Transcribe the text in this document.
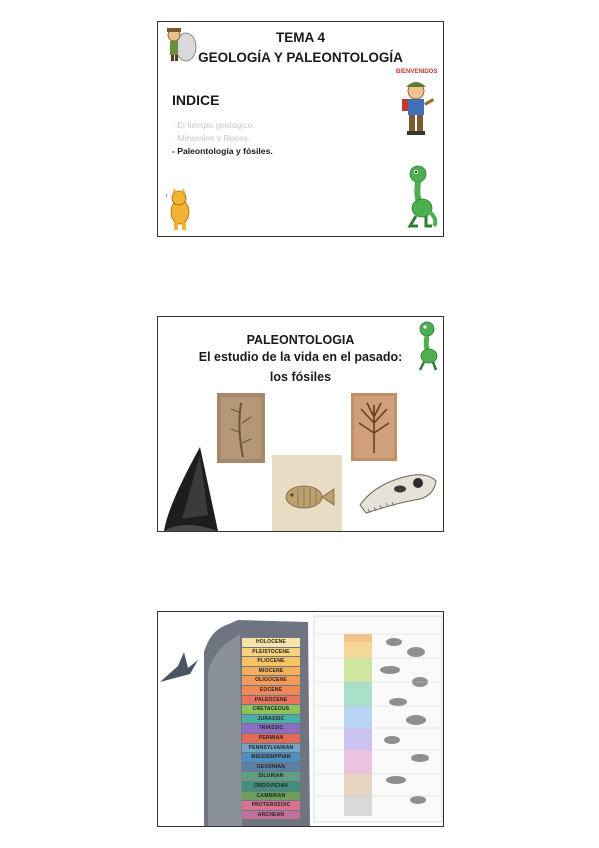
TEMA 4
GEOLOGÍA Y PALEONTOLOGÍA
INDICE
- El tiempo geológico.
- Minerales y Rocas.
- Paleontología y fósiles.
BIENVENIDOS
?
PALEONTOLOGIA
El estudio de la vida en el pasado:
los fósiles
HOLOCENE
PLEISTOCENE
PLIOCENE
MIOCENE
OLIGOCENE
EOCENE
PALEOCENE
CRETACEOUS
JURASSIC
TRIASSIC
PERMIAN
PENNSYLVANIAN
MISSISSIPPIAN
DEVONIAN
SILURIAN
ORDOVICIAN
CAMBRIAN
PROTEROZOIC
ARCHEAN
